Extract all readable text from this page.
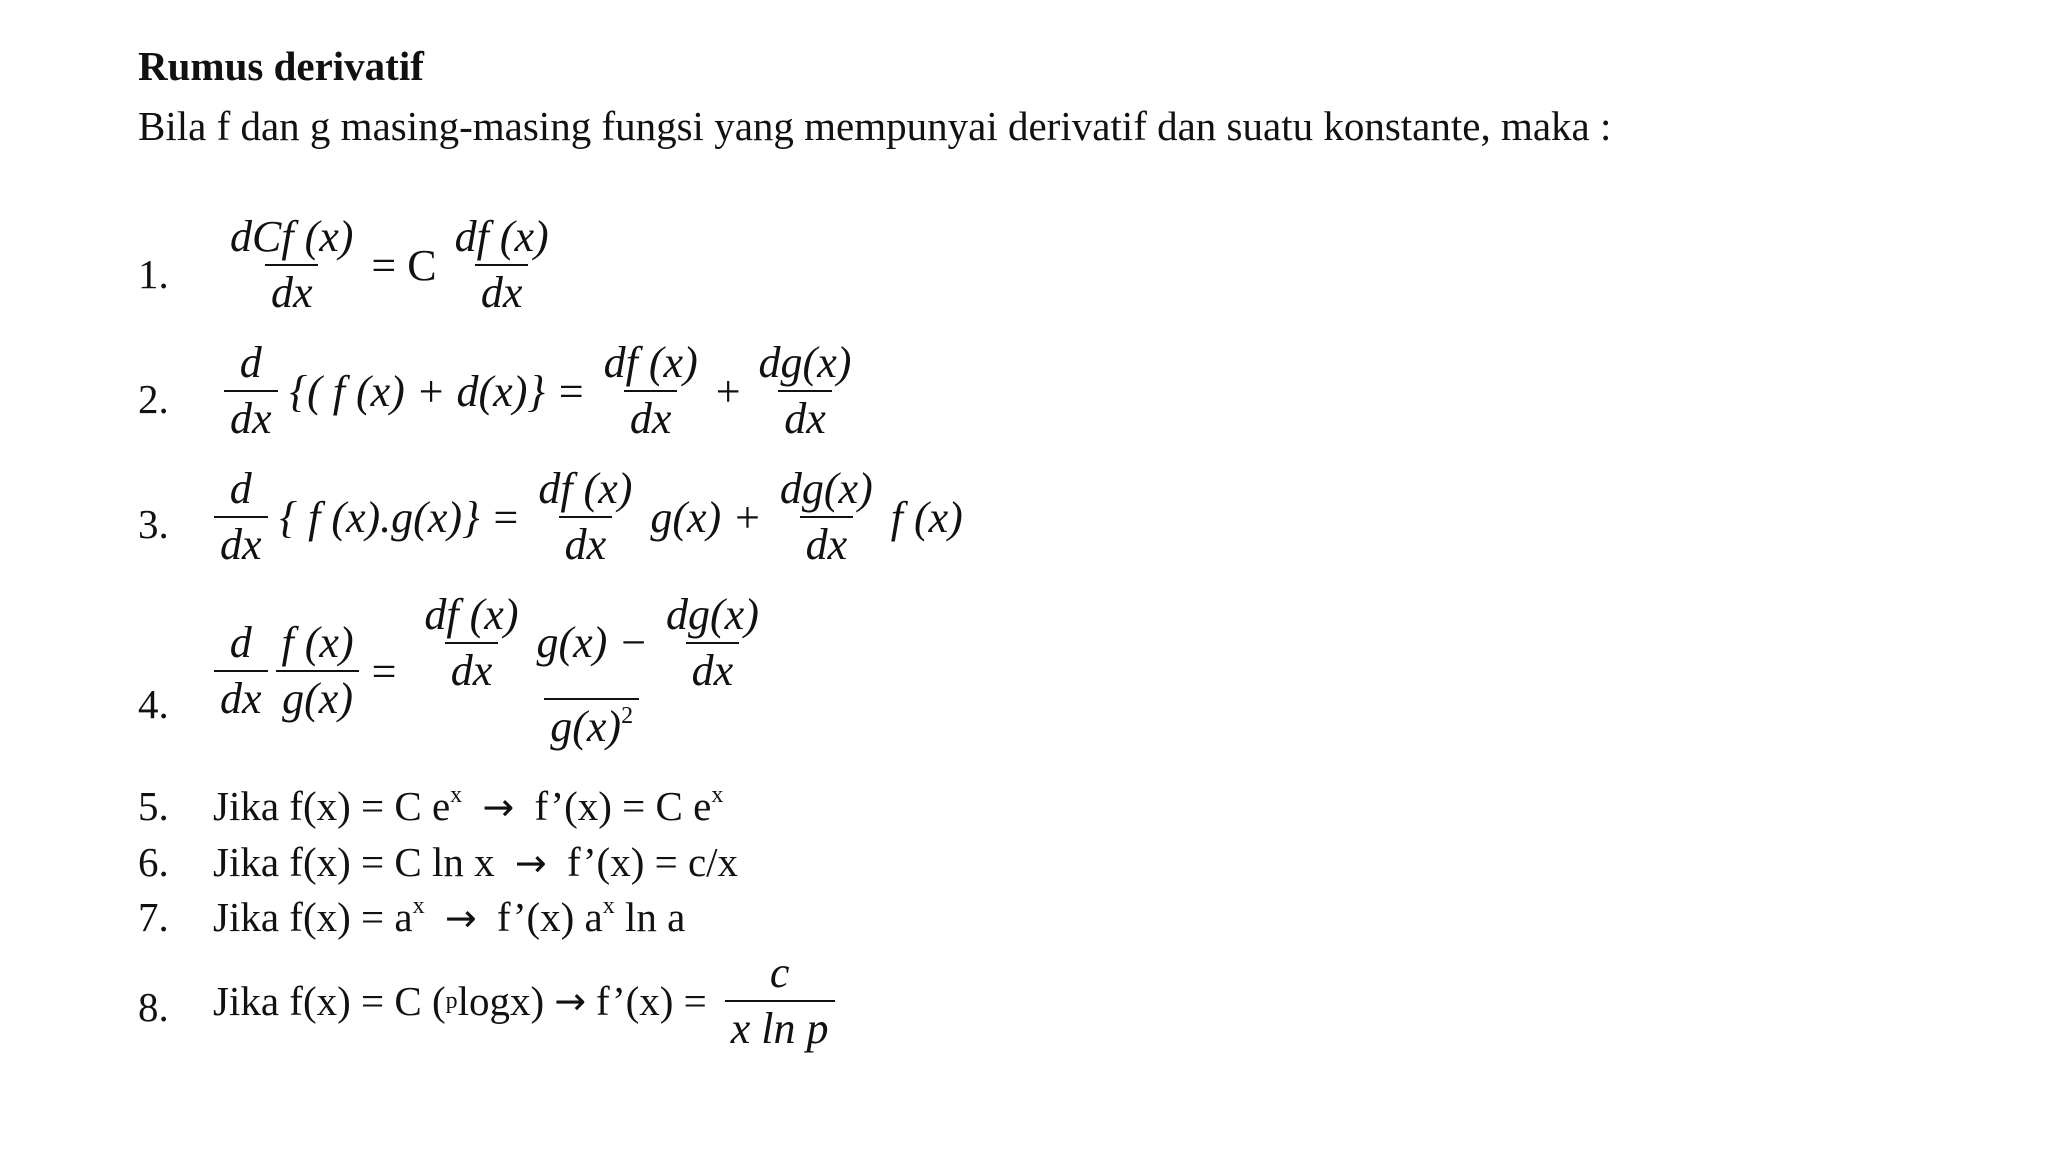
Rumus derivatif
Bila f dan g masing-masing fungsi yang mempunyai derivatif dan suatu konstante, maka :
1. $\frac{\text{dCf (x)}}{dx} = C \frac{df (x)}{dx}$
2. $\frac{d}{dx}$ {( f $(x) + d(x)\} = \frac{df (x)}{dx} + \frac{dg(x)}{dx}$
3. $\frac{d}{dx}$ { f $(x).g(x)\} = \frac{df (x)}{dx} g(x) + \frac{dg(x)}{dx}$ f (x)
4. $\frac{d}{dx} \frac{f (x)}{g(x)} = \frac{\frac{df (x)}{dx} g(x) - \frac{dg(x)}{dx}}{g(x)^2}$
5. Jika f(x) = C $e^x$ → f’(x) = C $e^x$
6. Jika f(x) = C ln x → f’(x) = c/x
7. Jika $f(x) = a^x$ → f’(x) $a^x$ ln a
8. Jika f(x) = C ( p logx) → f’(x) = $\frac{c}{\text{x ln p}}$
